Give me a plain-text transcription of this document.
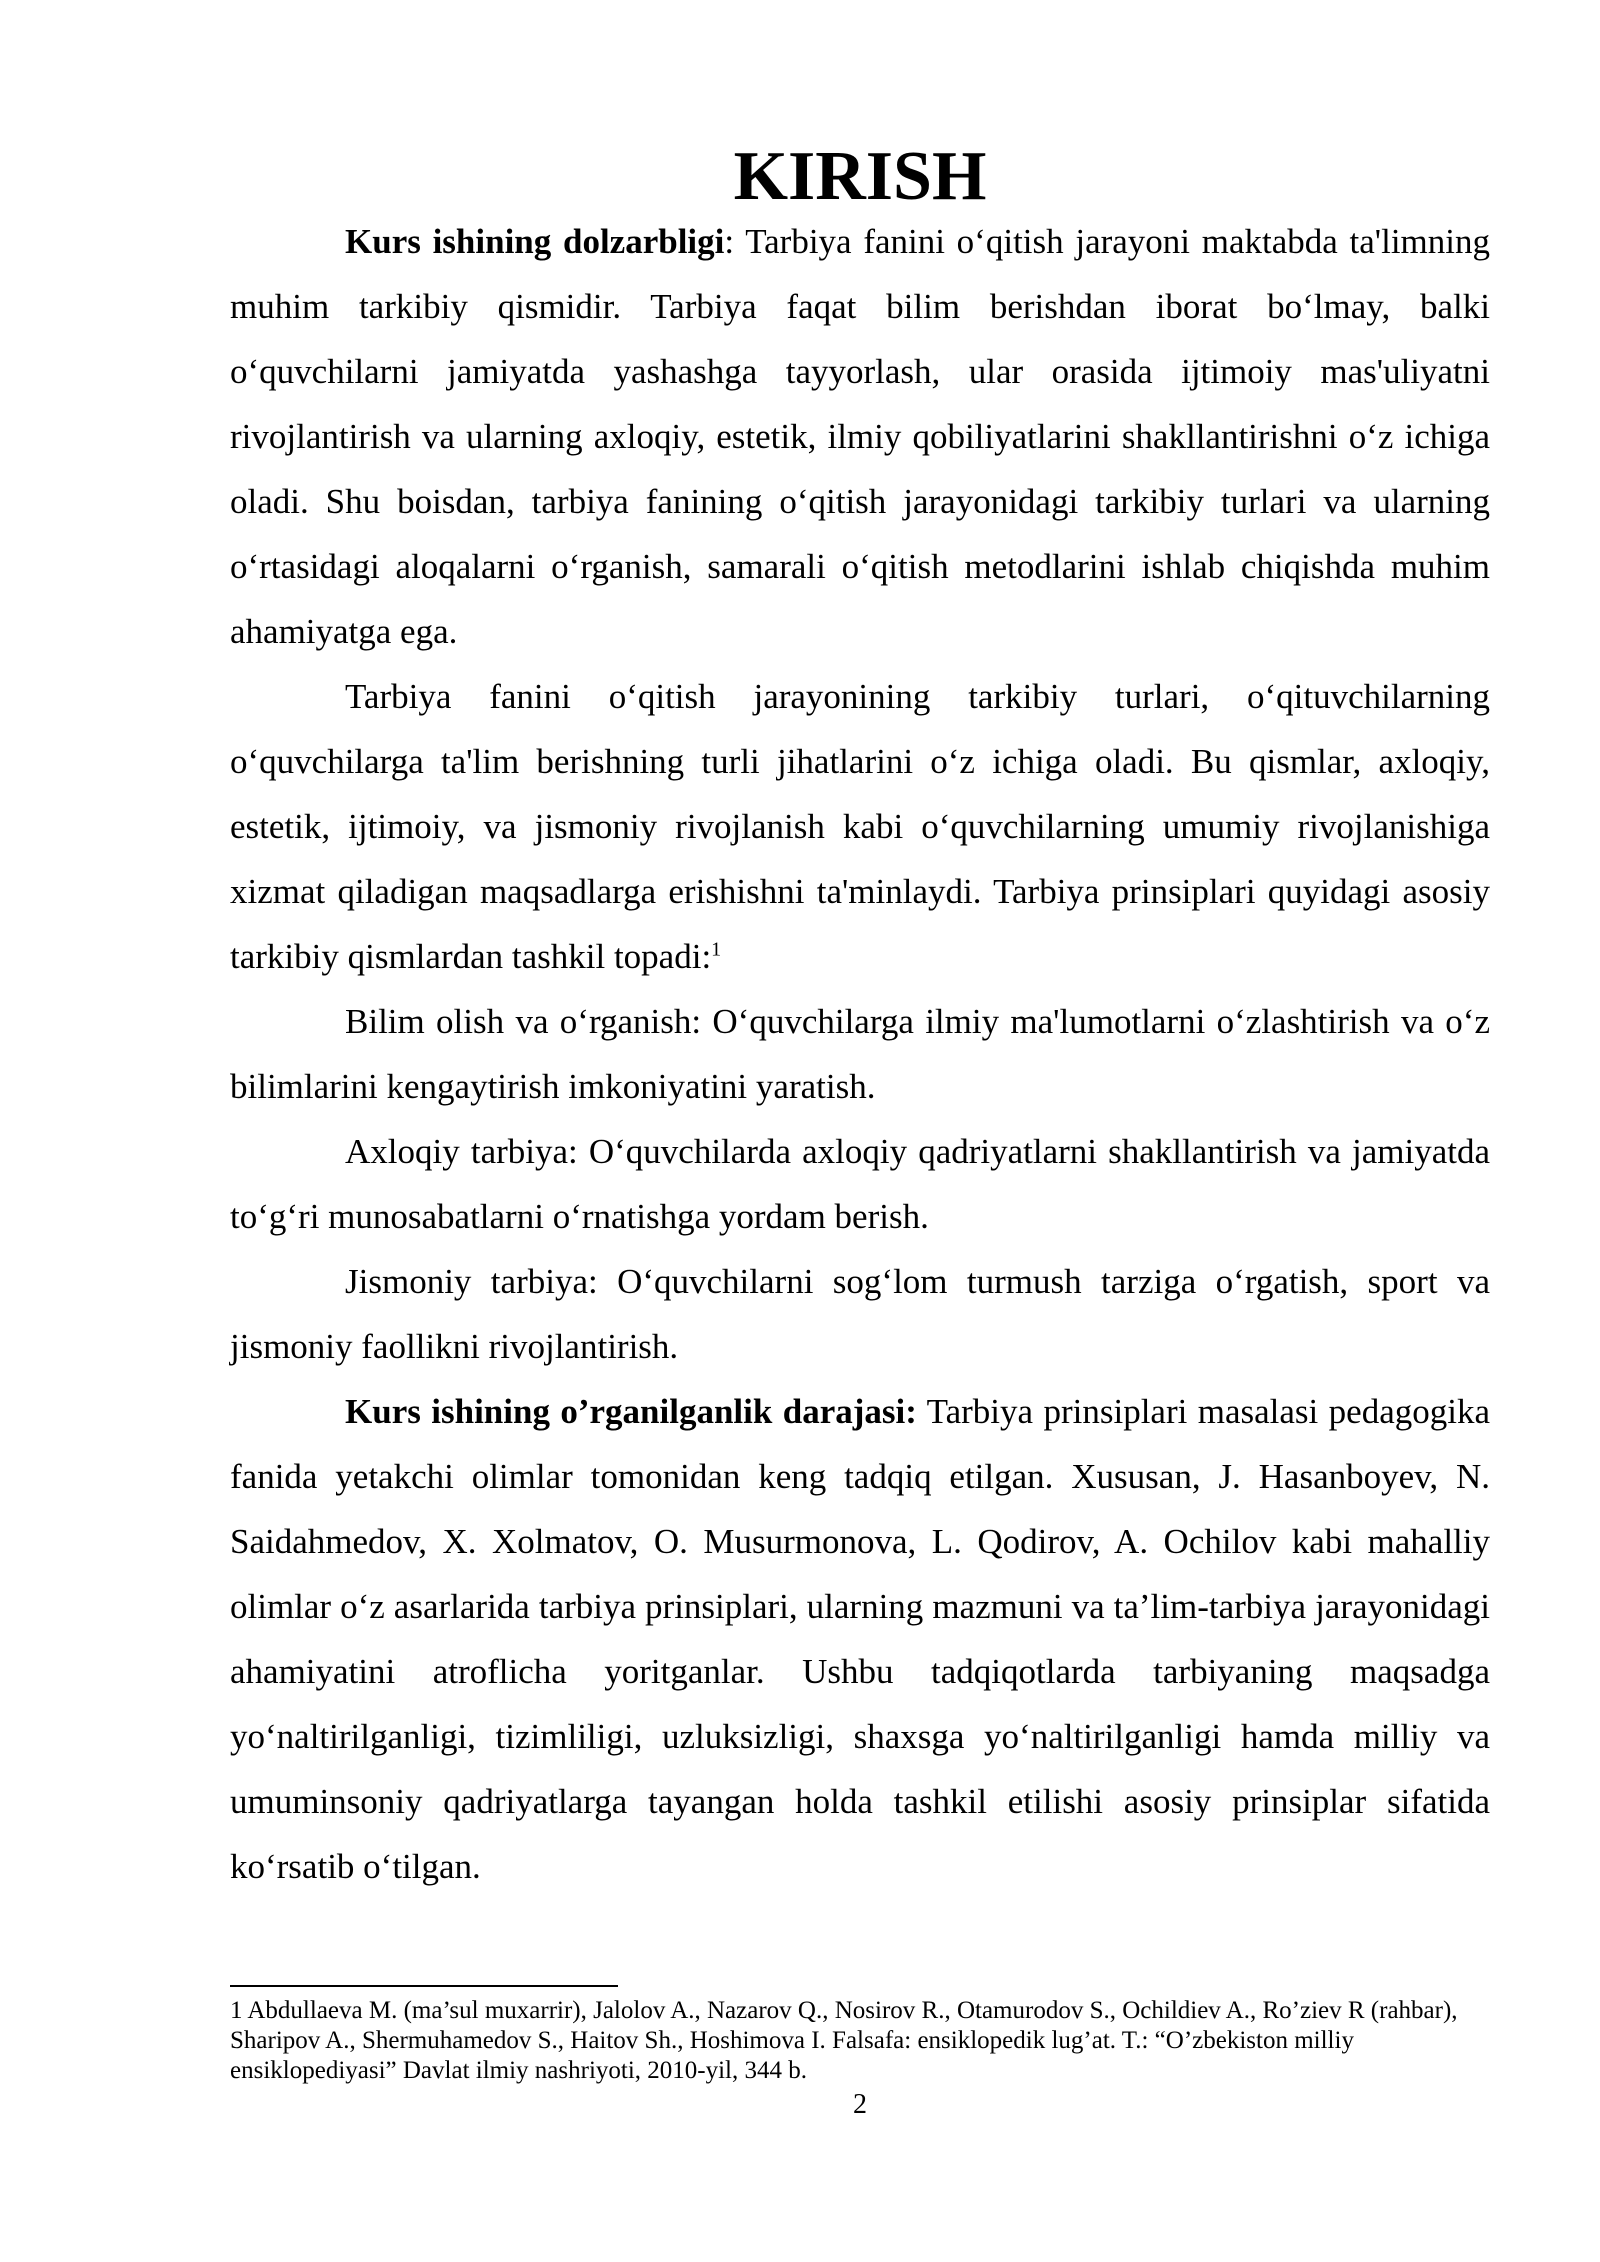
KIRISH

Kurs ishining dolzarbligi: Tarbiya fanini o‘qitish jarayoni maktabda ta'limning muhim tarkibiy qismidir. Tarbiya faqat bilim berishdan iborat bo‘lmay, balki o‘quvchilarni jamiyatda yashashga tayyorlash, ular orasida ijtimoiy mas'uliyatni rivojlantirish va ularning axloqiy, estetik, ilmiy qobiliyatlarini shakllantirishni o‘z ichiga oladi. Shu boisdan, tarbiya fanining o‘qitish jarayonidagi tarkibiy turlari va ularning o‘rtasidagi aloqalarni o‘rganish, samarali o‘qitish metodlarini ishlab chiqishda muhim ahamiyatga ega.

Tarbiya fanini o‘qitish jarayonining tarkibiy turlari, o‘qituvchilarning o‘quvchilarga ta'lim berishning turli jihatlarini o‘z ichiga oladi. Bu qismlar, axloqiy, estetik, ijtimoiy, va jismoniy rivojlanish kabi o‘quvchilarning umumiy rivojlanishiga xizmat qiladigan maqsadlarga erishishni ta'minlaydi. Tarbiya prinsiplari quyidagi asosiy tarkibiy qismlardan tashkil topadi:$^1$

Bilim olish va o‘rganish: O‘quvchilarga ilmiy ma'lumotlarni o‘zlashtirish va o‘z bilimlarini kengaytirish imkoniyatini yaratish.

Axloqiy tarbiya: O‘quvchilarda axloqiy qadriyatlarni shakllantirish va jamiyatda to‘g‘ri munosabatlarni o‘rnatishga yordam berish.

Jismoniy tarbiya: O‘quvchilarni sog‘lom turmush tarziga o‘rgatish, sport va jismoniy faollikni rivojlantirish.

Kurs ishining o’rganilganlik darajasi: Tarbiya prinsiplari masalasi pedagogika fanida yetakchi olimlar tomonidan keng tadqiq etilgan. Xususan, J. Hasanboyev, N. Saidahmedov, X. Xolmatov, O. Musurmonova, L. Qodirov, A. Ochilov kabi mahalliy olimlar o‘z asarlarida tarbiya prinsiplari, ularning mazmuni va ta’lim-tarbiya jarayonidagi ahamiyatini atroflicha yoritganlar. Ushbu tadqiqotlarda tarbiyaning maqsadga yo‘naltirilganligi, tizimliligi, uzluksizligi, shaxsga yo‘naltirilganligi hamda milliy va umuminsoniy qadriyatlarga tayangan holda tashkil etilishi asosiy prinsiplar sifatida ko‘rsatib o‘tilgan.

1 Abdullaeva M. (ma’sul muxarrir), Jalolov A., Nazarov Q., Nosirov R., Otamurodov S., Ochildiev A., Ro’ziev R (rahbar), Sharipov A., Shermuhamedov S., Haitov Sh., Hoshimova I. Falsafa: ensiklopedik lug’at. T.: “O’zbekiston milliy ensiklopediyasi” Davlat ilmiy nashriyoti, 2010-yil, 344 b.

2
